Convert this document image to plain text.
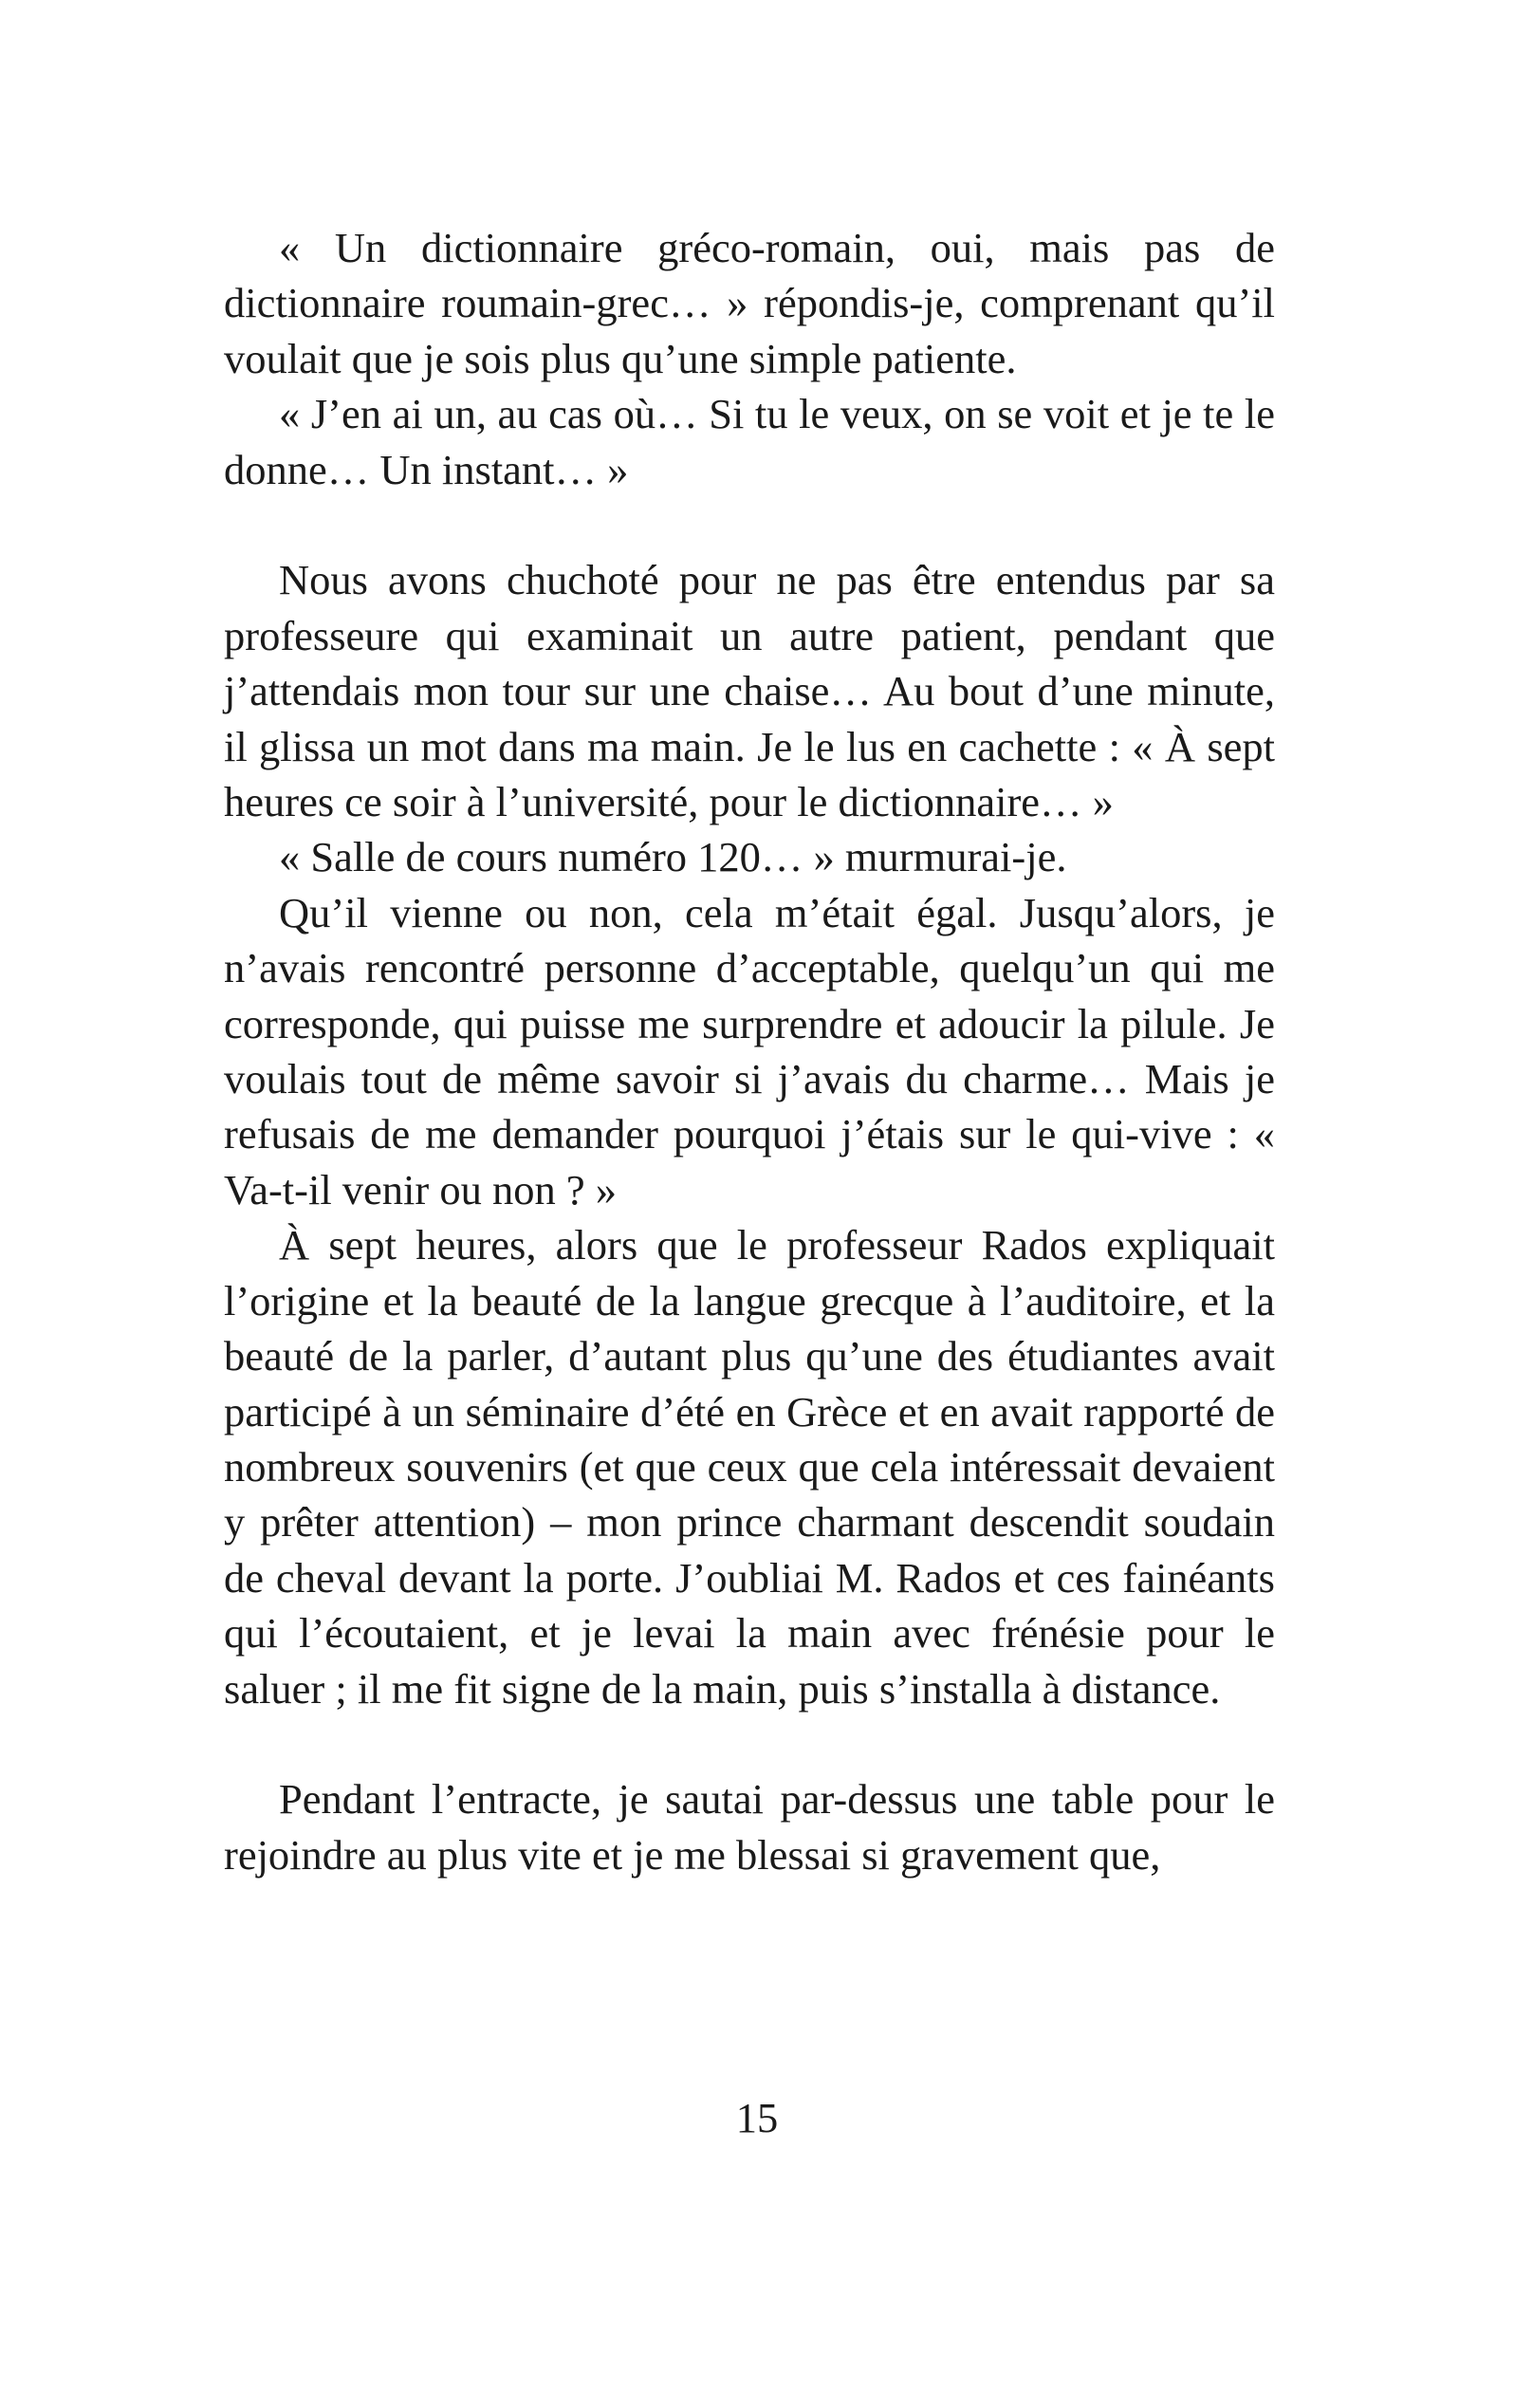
« Un dictionnaire gréco-romain, oui, mais pas de dictionnaire roumain-grec… » répondis-je, comprenant qu’il voulait que je sois plus qu’une simple patiente.

« J’en ai un, au cas où… Si tu le veux, on se voit et je te le donne… Un instant… »

Nous avons chuchoté pour ne pas être entendus par sa professeure qui examinait un autre patient, pendant que j’attendais mon tour sur une chaise… Au bout d’une minute, il glissa un mot dans ma main. Je le lus en cachette : « À sept heures ce soir à l’université, pour le dictionnaire… »

« Salle de cours numéro 120… » murmurai-je.

Qu’il vienne ou non, cela m’était égal. Jusqu’alors, je n’avais rencontré personne d’acceptable, quelqu’un qui me corresponde, qui puisse me surprendre et adoucir la pilule. Je voulais tout de même savoir si j’avais du charme… Mais je refusais de me demander pourquoi j’étais sur le qui-vive : « Va-t-il venir ou non ? »

À sept heures, alors que le professeur Rados expliquait l’origine et la beauté de la langue grecque à l’auditoire, et la beauté de la parler, d’autant plus qu’une des étudiantes avait participé à un séminaire d’été en Grèce et en avait rapporté de nombreux souvenirs (et que ceux que cela intéressait devaient y prêter attention) – mon prince charmant descendit soudain de cheval devant la porte. J’oubliai M. Rados et ces fainéants qui l’écoutaient, et je levai la main avec frénésie pour le saluer ; il me fit signe de la main, puis s’installa à distance.

Pendant l’entracte, je sautai par-dessus une table pour le rejoindre au plus vite et je me blessai si gravement que,

15
